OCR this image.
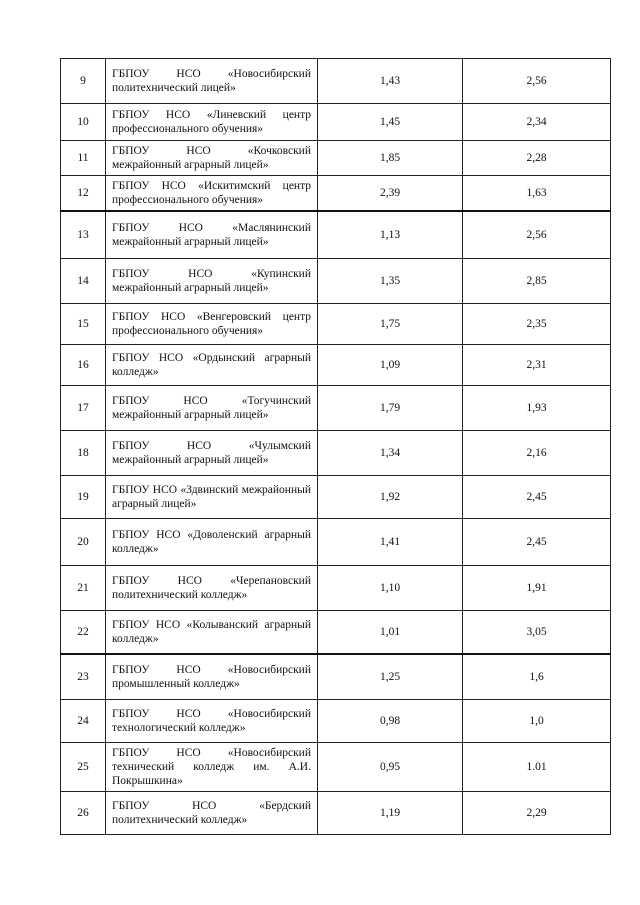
9	ГБПОУ НСО «Новосибирский политехнический лицей»	1,43	2,56
10	ГБПОУ НСО «Линевский центр профессионального обучения»	1,45	2,34
11	ГБПОУ НСО «Кочковский межрайонный аграрный лицей»	1,85	2,28
12	ГБПОУ НСО «Искитимский центр профессионального обучения»	2,39	1,63
13	ГБПОУ НСО «Маслянинский межрайонный аграрный лицей»	1,13	2,56
14	ГБПОУ НСО «Купинский межрайонный аграрный лицей»	1,35	2,85
15	ГБПОУ НСО «Венгеровский центр профессионального обучения»	1,75	2,35
16	ГБПОУ НСО «Ордынский аграрный колледж»	1,09	2,31
17	ГБПОУ НСО «Тогучинский межрайонный аграрный лицей»	1,79	1,93
18	ГБПОУ НСО «Чулымский межрайонный аграрный лицей»	1,34	2,16
19	ГБПОУ НСО «Здвинский межрайонный аграрный лицей»	1,92	2,45
20	ГБПОУ НСО «Доволенский аграрный колледж»	1,41	2,45
21	ГБПОУ НСО «Черепановский политехнический колледж»	1,10	1,91
22	ГБПОУ НСО «Колыванский аграрный колледж»	1,01	3,05
23	ГБПОУ НСО «Новосибирский промышленный колледж»	1,25	1,6
24	ГБПОУ НСО «Новосибирский технологический колледж»	0,98	1,0
25	ГБПОУ НСО «Новосибирский технический колледж им. А.И. Покрышкина»	0,95	1.01
26	ГБПОУ НСО «Бердский политехнический колледж»	1,19	2,29
